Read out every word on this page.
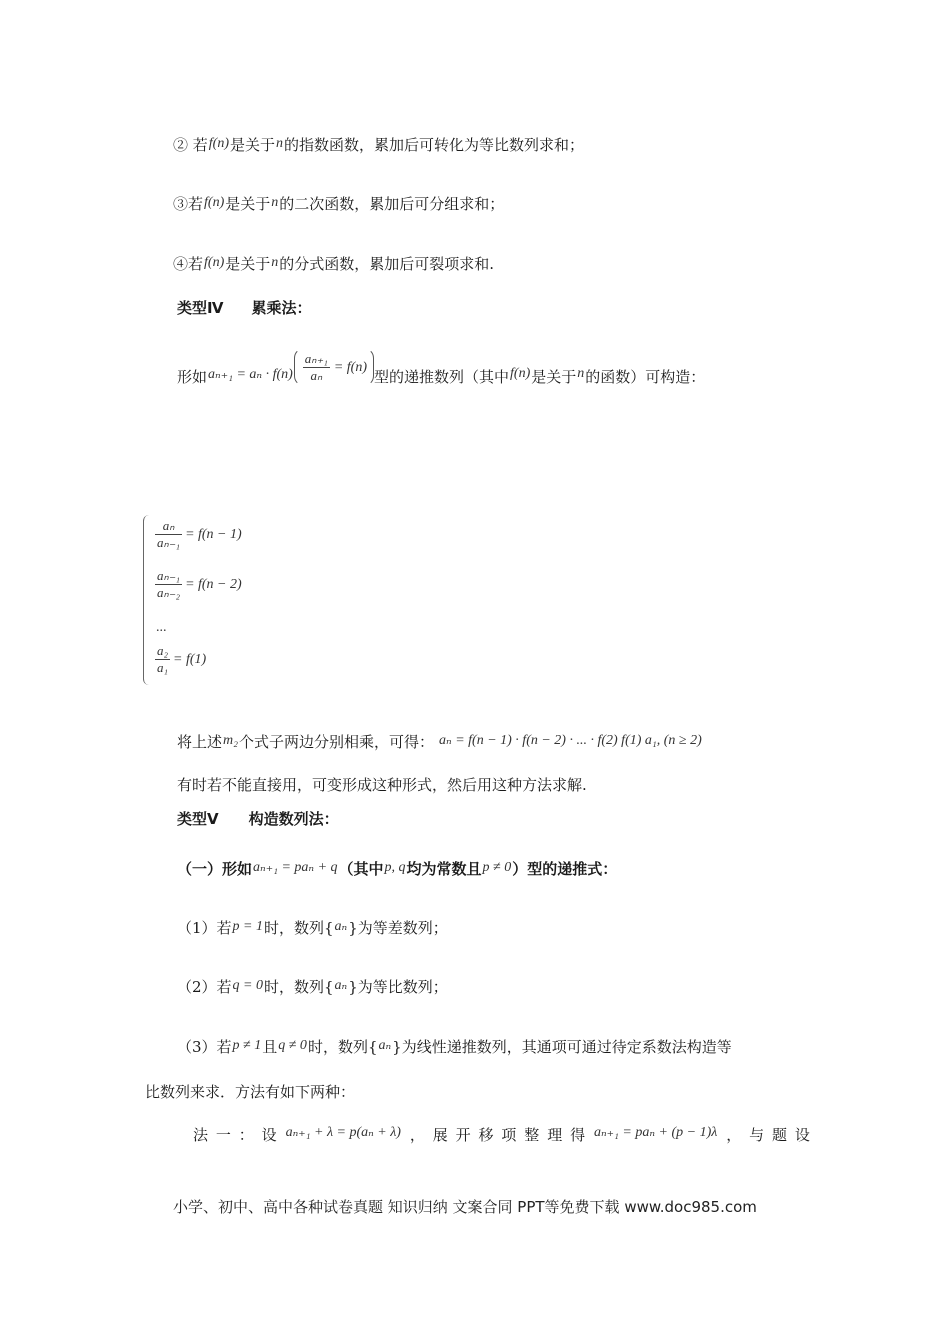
② 若f(n)是关于n的指数函数，累加后可转化为等比数列求和；
③若f(n)是关于n的二次函数，累加后可分组求和；
④若f(n)是关于n的分式函数，累加后可裂项求和.
类型Ⅳ 累乘法：
形如 $a_{n+1} = a_n \cdot f(n) \frac{\text{aₙ₊₁}}{\text{aₙ}} = f(n)$
型的递推数列（其中 f(n) 是关于 n 的函数）可构造：
$\frac{\text{aₙ}}{\text{aₙ₋₁}} = f(n - 1)$
$\frac{\text{aₙ₋₁}}{\text{aₙ₋₂}} = f(n - 2)$
...
$\frac{\text{a₂}}{\text{a₁}} = f(1)$
将上述m₂个式子两边分别相乘，可得： aₙ = f(n − 1) · f(n − 2) · ... · f(2) f(1) a₁, (n ≥ 2)
有时若不能直接用，可变形成这种形式，然后用这种方法求解.
类型Ⅴ 构造数列法：
（一）形如aₙ₊₁ = paₙ + q（其中p, q均为常数且p ≠ 0）型的递推式：
（1）若p = 1时，数列{aₙ}为等差数列；
（2）若q = 0时，数列{aₙ}为等比数列；
（3）若p ≠ 1且q ≠ 0时，数列{aₙ}为线性递推数列，其通项可通过待定系数法构造等
比数列来求．方法有如下两种：
法 一 ： 设 aₙ₊₁ + λ = p(aₙ + λ) ， 展 开 移 项 整 理 得 aₙ₊₁ = paₙ + (p − 1)λ ， 与 题 设
小学、初中、高中各种试卷真题 知识归纳 文案合同 PPT等免费下载 www.doc985.com
